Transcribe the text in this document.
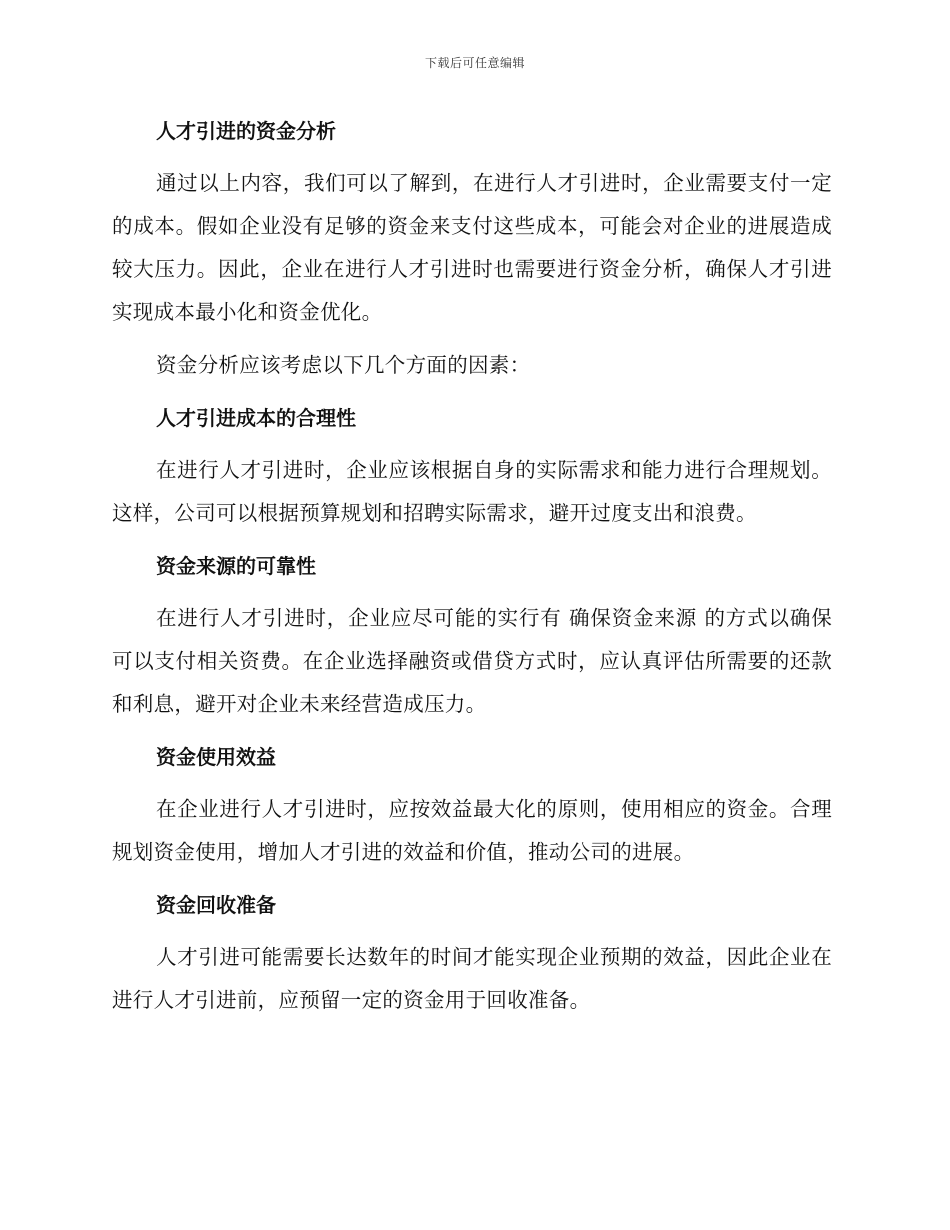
下载后可任意编辑
人才引进的资金分析

通过以上内容，我们可以了解到，在进行人才引进时，企业需要支付一定的成本。假如企业没有足够的资金来支付这些成本，可能会对企业的进展造成较大压力。因此，企业在进行人才引进时也需要进行资金分析，确保人才引进实现成本最小化和资金优化。

资金分析应该考虑以下几个方面的因素：

人才引进成本的合理性

在进行人才引进时，企业应该根据自身的实际需求和能力进行合理规划。这样，公司可以根据预算规划和招聘实际需求，避开过度支出和浪费。

资金来源的可靠性

在进行人才引进时，企业应尽可能的实行有 确保资金来源 的方式以确保可以支付相关资费。在企业选择融资或借贷方式时，应认真评估所需要的还款和利息，避开对企业未来经营造成压力。

资金使用效益

在企业进行人才引进时，应按效益最大化的原则，使用相应的资金。合理规划资金使用，增加人才引进的效益和价值，推动公司的进展。

资金回收准备

人才引进可能需要长达数年的时间才能实现企业预期的效益，因此企业在进行人才引进前，应预留一定的资金用于回收准备。
